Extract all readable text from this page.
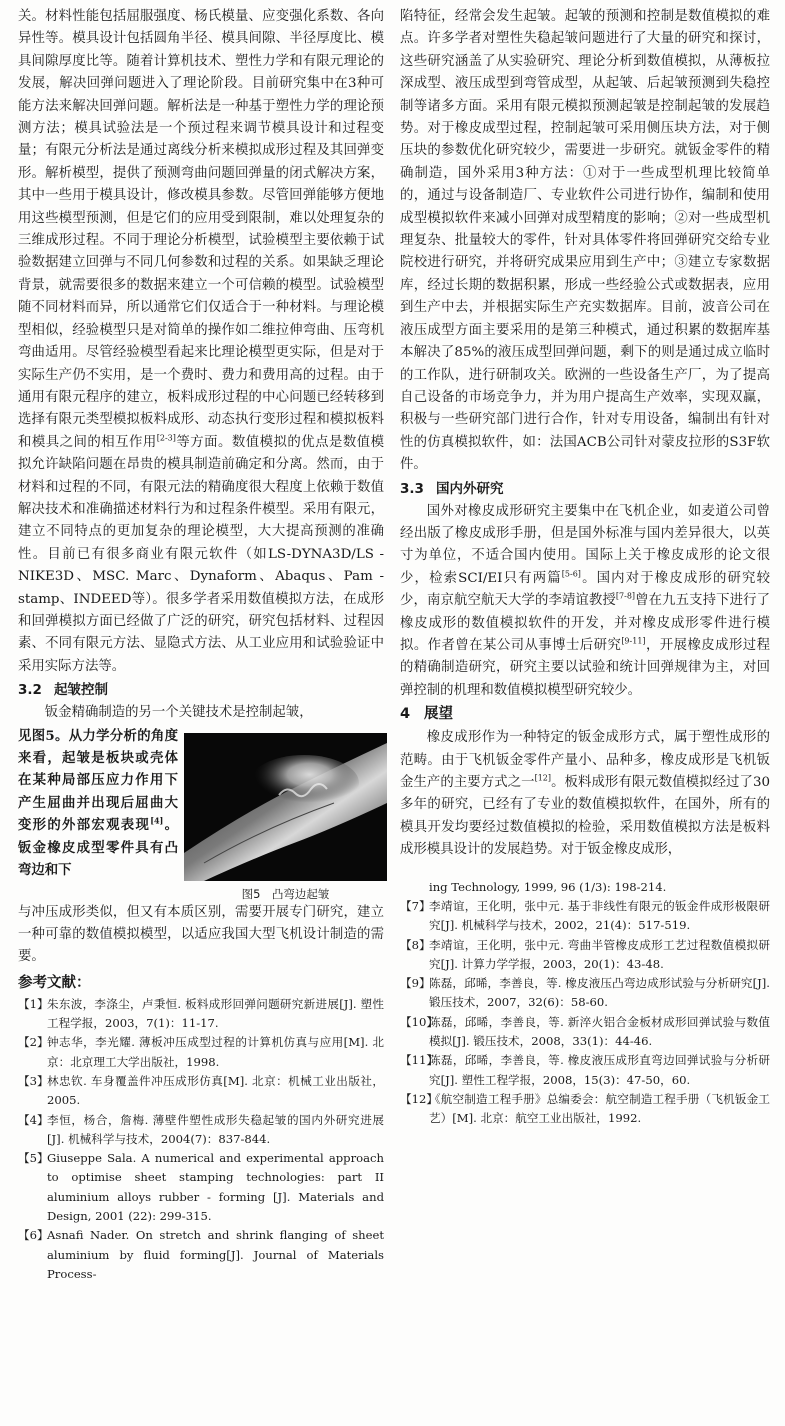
关。材料性能包括屈服强度、杨氏模量、应变强化系数、各向异性等。模具设计包括圆角半径、模具间隙、半径厚度比、模具间隙厚度比等。随着计算机技术、塑性力学和有限元理论的发展，解决回弹问题进入了理论阶段。目前研究集中在3种可能方法来解决回弹问题。解析法是一种基于塑性力学的理论预测方法；模具试验法是一个预过程来调节模具设计和过程变量；有限元分析法是通过离线分析来模拟成形过程及其回弹变形。解析模型，提供了预测弯曲问题回弹量的闭式解决方案，其中一些用于模具设计，修改模具参数。尽管回弹能够方便地用这些模型预测，但是它们的应用受到限制，难以处理复杂的三维成形过程。不同于理论分析模型，试验模型主要依赖于试验数据建立回弹与不同几何参数和过程的关系。如果缺乏理论背景，就需要很多的数据来建立一个可信赖的模型。试验模型随不同材料而异，所以通常它们仅适合于一种材料。与理论模型相似，经验模型只是对简单的操作如二维拉伸弯曲、压弯机弯曲适用。尽管经验模型看起来比理论模型更实际，但是对于实际生产仍不实用，是一个费时、费力和费用高的过程。由于通用有限元程序的建立，板料成形过程的中心问题已经转移到选择有限元类型模拟板料成形、动态执行变形过程和模拟板料和模具之间的相互作用[2-3]等方面。数值模拟的优点是数值模拟允许缺陷问题在昂贵的模具制造前确定和分离。然而，由于材料和过程的不同，有限元法的精确度很大程度上依赖于数值解决技术和准确描述材料行为和过程条件模型。采用有限元，建立不同特点的更加复杂的理论模型，大大提高预测的准确性。目前已有很多商业有限元软件（如LS-DYNA3D/LS - NIKE3D、MSC. Marc、Dynaform、Abaqus、Pam - stamp、INDEED等）。很多学者采用数值模拟方法，在成形和回弹模拟方面已经做了广泛的研究，研究包括材料、过程因素、不同有限元方法、显隐式方法、从工业应用和试验验证中采用实际方法等。

3.2 起皱控制

钣金精确制造的另一个关键技术是控制起皱，

见图5。从力学分析的角度来看，起皱是板块或壳体在某种局部压应力作用下产生屈曲并出现后屈曲大变形的外部宏观表现[4]。钣金橡皮成型零件具有凸弯边和下

图5　凸弯边起皱

与冲压成形类似，但又有本质区别，需要开展专门研究，建立一种可靠的数值模拟模型，以适应我国大型飞机设计制造的需要。

参考文献：
【1】
朱东波，李涤尘，卢秉恒. 板料成形回弹问题研究新进展[J]. 塑性工程学报，2003，7(1)：11-17.
【2】
钟志华，李光耀. 薄板冲压成型过程的计算机仿真与应用[M]. 北京：北京理工大学出版社，1998.
【3】
林忠钦. 车身覆盖件冲压成形仿真[M]. 北京：机械工业出版社，2005.
【4】
李恒，杨合，詹梅. 薄壁件塑性成形失稳起皱的国内外研究进展[J]. 机械科学与技术，2004(7)：837-844.
【5】
Giuseppe Sala. A numerical and experimental approach to optimise sheet stamping technologies: part II aluminium alloys rubber - forming [J]. Materials and Design, 2001 (22): 299-315.
【6】
Asnafi Nader. On stretch and shrink flanging of sheet aluminium by fluid forming[J]. Journal of Materials Process-

陷特征，经常会发生起皱。起皱的预测和控制是数值模拟的难点。许多学者对塑性失稳起皱问题进行了大量的研究和探讨，这些研究涵盖了从实验研究、理论分析到数值模拟，从薄板拉深成型、液压成型到弯管成型，从起皱、后起皱预测到失稳控制等诸多方面。采用有限元模拟预测起皱是控制起皱的发展趋势。对于橡皮成型过程，控制起皱可采用侧压块方法，对于侧压块的参数优化研究较少，需要进一步研究。就钣金零件的精确制造，国外采用3种方法：①对于一些成型机理比较简单的，通过与设备制造厂、专业软件公司进行协作，编制和使用成型模拟软件来减小回弹对成型精度的影响；②对一些成型机理复杂、批量较大的零件，针对具体零件将回弹研究交给专业院校进行研究，并将研究成果应用到生产中；③建立专家数据库，经过长期的数据积累，形成一些经验公式或数据表，应用到生产中去，并根据实际生产充实数据库。目前，波音公司在液压成型方面主要采用的是第三种模式，通过积累的数据库基本解决了85%的液压成型回弹问题，剩下的则是通过成立临时的工作队，进行研制攻关。欧洲的一些设备生产厂，为了提高自己设备的市场竞争力，并为用户提高生产效率，实现双赢，积极与一些研究部门进行合作，针对专用设备，编制出有针对性的仿真模拟软件，如：法国ACB公司针对蒙皮拉形的S3F软件。

3.3 国内外研究

国外对橡皮成形研究主要集中在飞机企业，如麦道公司曾经出版了橡皮成形手册，但是国外标准与国内差异很大，以英寸为单位，不适合国内使用。国际上关于橡皮成形的论文很少，检索SCI/EI只有两篇[5-6]。国内对于橡皮成形的研究较少，南京航空航天大学的李靖谊教授[7-8]曾在九五支持下进行了橡皮成形的数值模拟软件的开发，并对橡皮成形零件进行模拟。作者曾在某公司从事博士后研究[9-11]，开展橡皮成形过程的精确制造研究，研究主要以试验和统计回弹规律为主，对回弹控制的机理和数值模拟模型研究较少。

4 展望

橡皮成形作为一种特定的钣金成形方式，属于塑性成形的范畴。由于飞机钣金零件产量小、品种多，橡皮成形是飞机钣金生产的主要方式之一[12]。板料成形有限元数值模拟经过了30多年的研究，已经有了专业的数值模拟软件，在国外，所有的模具开发均要经过数值模拟的检验，采用数值模拟方法是板料成形模具设计的发展趋势。对于钣金橡皮成形，

ing Technology, 1999, 96 (1/3): 198-214.
【7】
李靖谊，王化明，张中元. 基于非线性有限元的钣金件成形极限研究[J]. 机械科学与技术，2002，21(4)：517-519.
【8】
李靖谊，王化明，张中元. 弯曲半管橡皮成形工艺过程数值模拟研究[J]. 计算力学学报，2003，20(1)：43-48.
【9】
陈磊，邱晞，李善良，等. 橡皮液压凸弯边成形试验与分析研究[J]. 锻压技术，2007，32(6)：58-60.
【10】
陈磊，邱晞，李善良，等. 新淬火铝合金板材成形回弹试验与数值模拟[J]. 锻压技术，2008，33(1)：44-46.
【11】
陈磊，邱晞，李善良，等. 橡皮液压成形直弯边回弹试验与分析研究[J]. 塑性工程学报，2008，15(3)：47-50，60.
【12】
《航空制造工程手册》总编委会：航空制造工程手册（飞机钣金工艺）[M]. 北京：航空工业出版社，1992.
